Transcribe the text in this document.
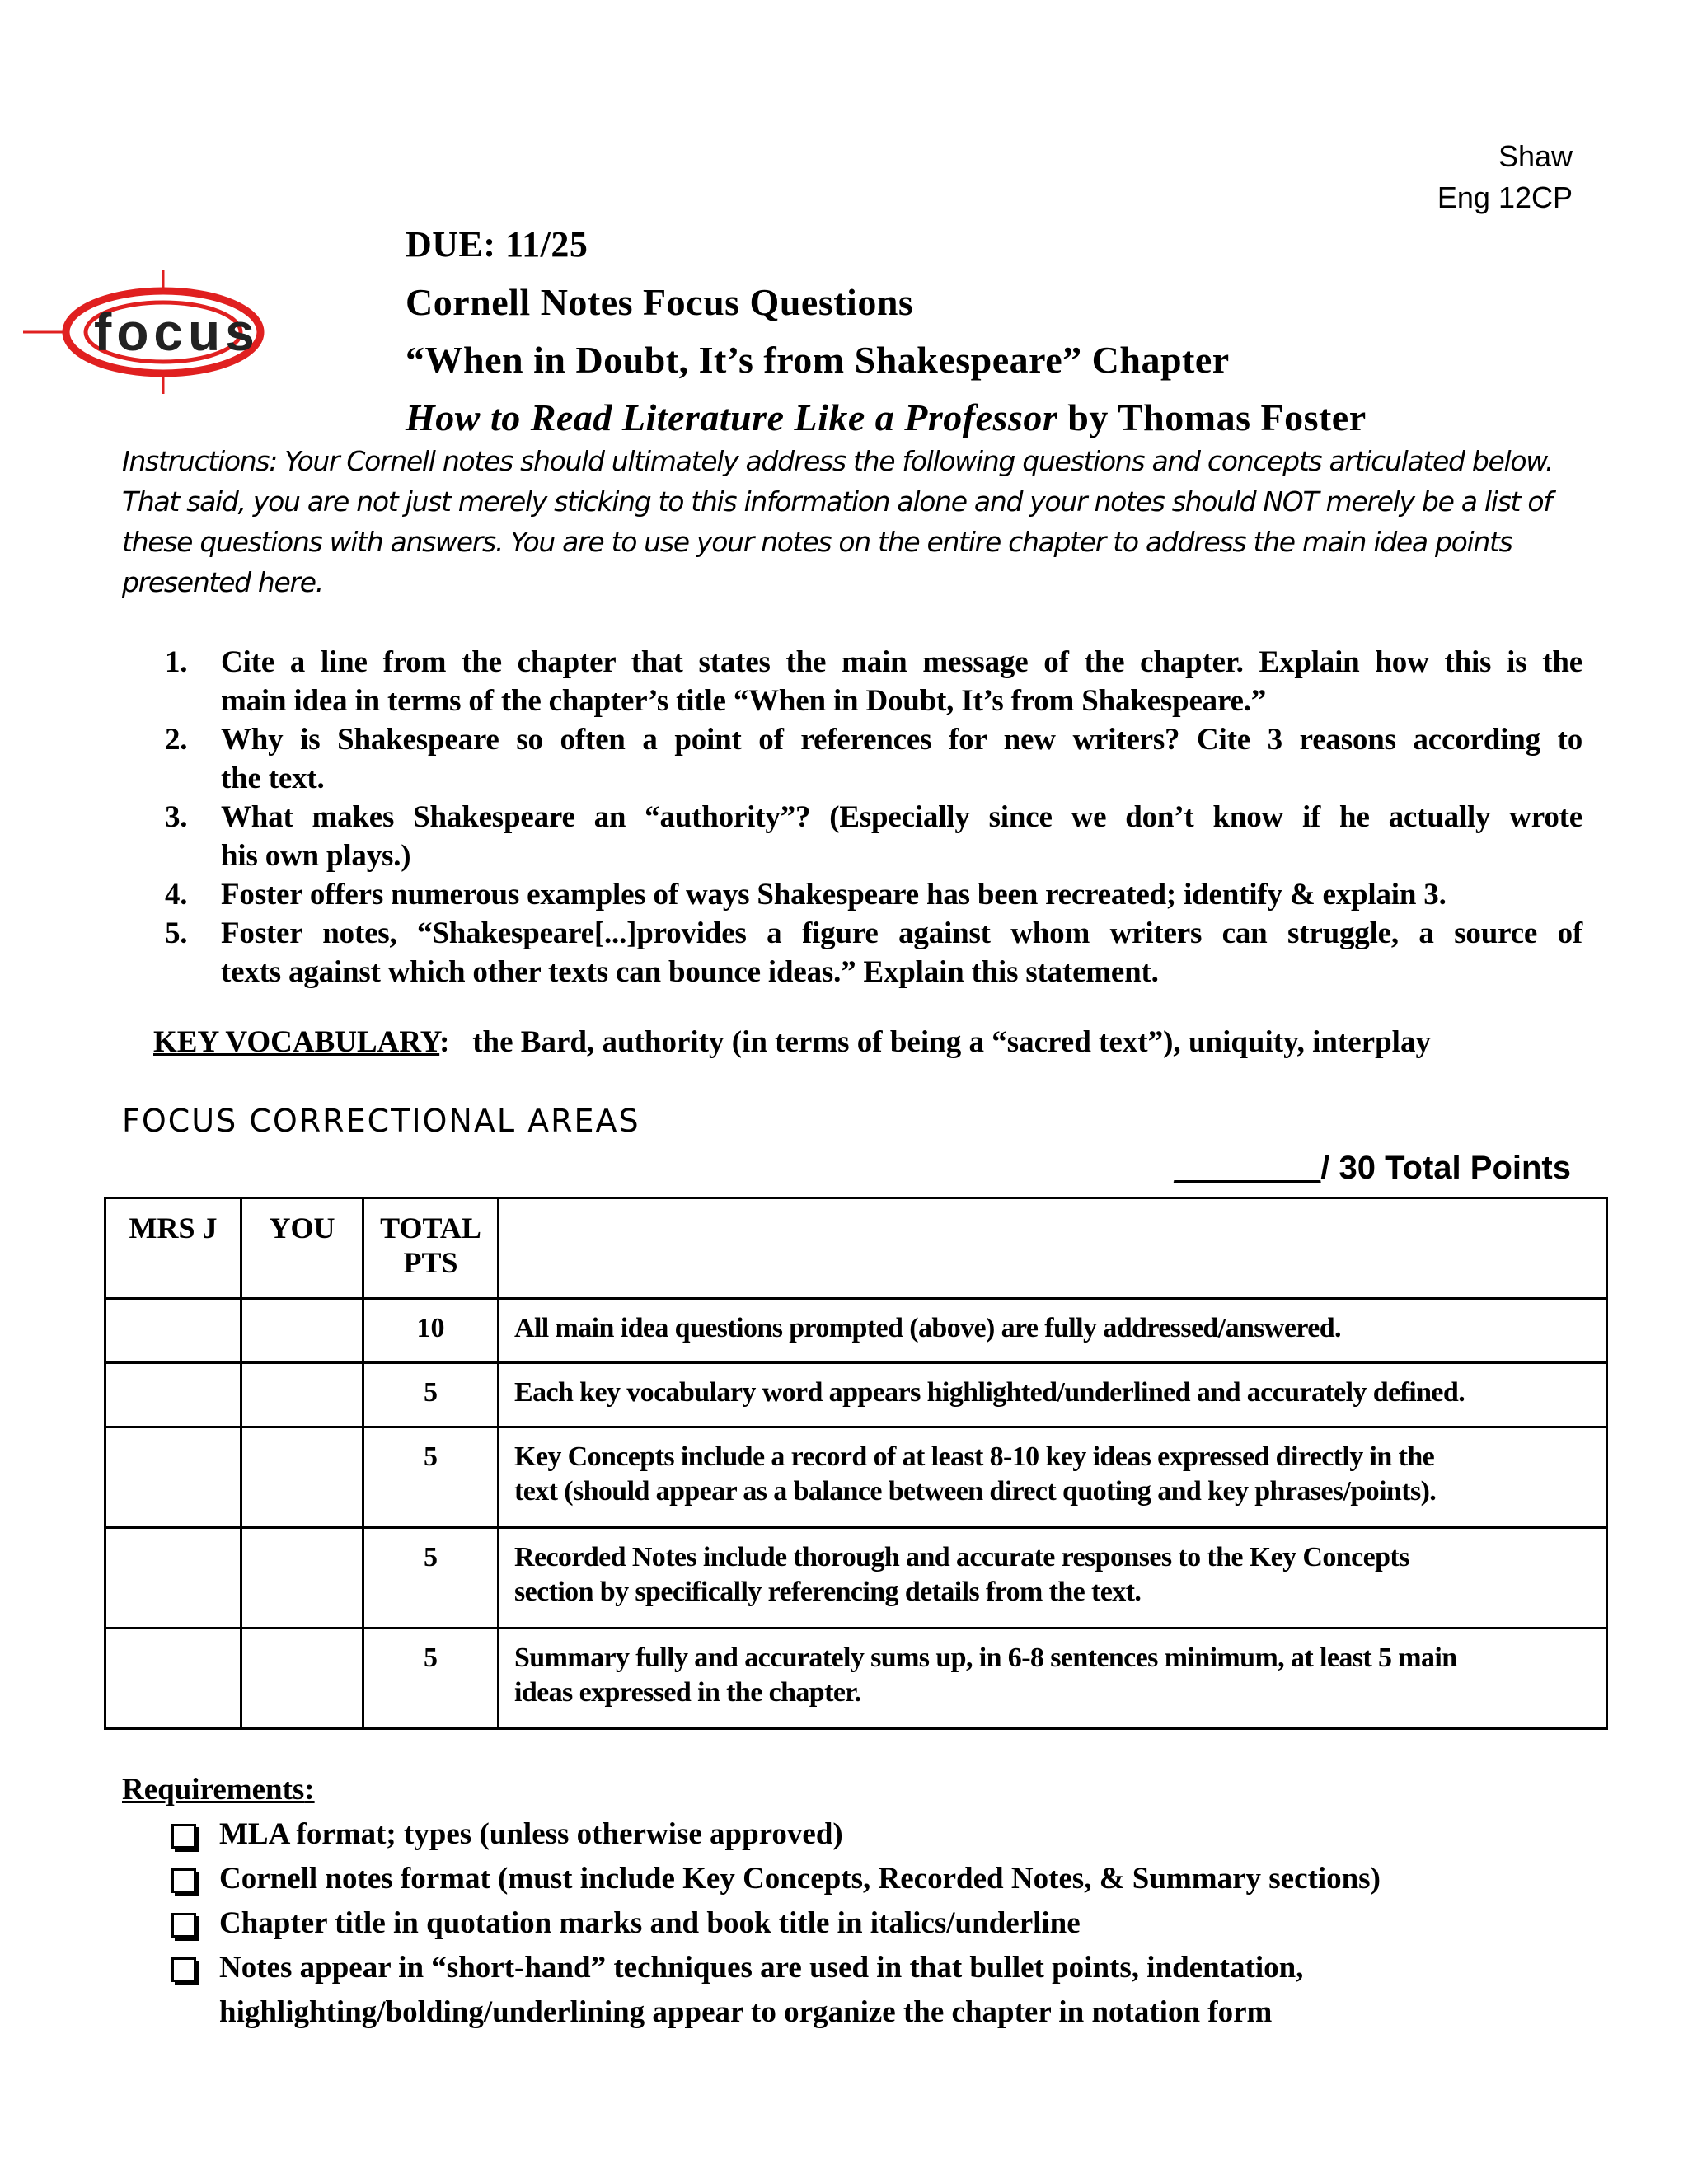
Shaw
Eng 12CP
focus
DUE: 11/25
Cornell Notes Focus Questions
“When in Doubt, It’s from Shakespeare” Chapter
How to Read Literature Like a Professor by Thomas Foster
Instructions: Your Cornell notes should ultimately address the following questions and concepts articulated below.
That said, you are not just merely sticking to this information alone and your notes should NOT merely be a list of
these questions with answers. You are to use your notes on the entire chapter to address the main idea points
presented here.
1.	Cite a line from the chapter that states the main message of the chapter. Explain how this is the
main idea in terms of the chapter’s title “When in Doubt, It’s from Shakespeare.”
2.	Why is Shakespeare so often a point of references for new writers? Cite 3 reasons according to
the text.
3.	What makes Shakespeare an “authority”? (Especially since we don’t know if he actually wrote
his own plays.)
4.	Foster offers numerous examples of ways Shakespeare has been recreated; identify & explain 3.
5.	Foster notes, “Shakespeare[...]provides a figure against whom writers can struggle, a source of
texts against which other texts can bounce ideas.” Explain this statement.
KEY VOCABULARY: the Bard, authority (in terms of being a “sacred text”), uniquity, interplay
FOCUS CORRECTIONAL AREAS
________/ 30 Total Points
MRS J	YOU	TOTAL
PTS	

		10	All main idea questions prompted (above) are fully addressed/answered.

		5	Each key vocabulary word appears highlighted/underlined and accurately defined.

		5	Key Concepts include a record of at least 8-10 key ideas expressed directly in the
text (should appear as a balance between direct quoting and key phrases/points).

		5	Recorded Notes include thorough and accurate responses to the Key Concepts
section by specifically referencing details from the text.

		5	Summary fully and accurately sums up, in 6-8 sentences minimum, at least 5 main
ideas expressed in the chapter.
Requirements:
MLA format; types (unless otherwise approved)
Cornell notes format (must include Key Concepts, Recorded Notes, & Summary sections)
Chapter title in quotation marks and book title in italics/underline
Notes appear in “short-hand” techniques are used in that bullet points, indentation,
highlighting/bolding/underlining appear to organize the chapter in notation form
